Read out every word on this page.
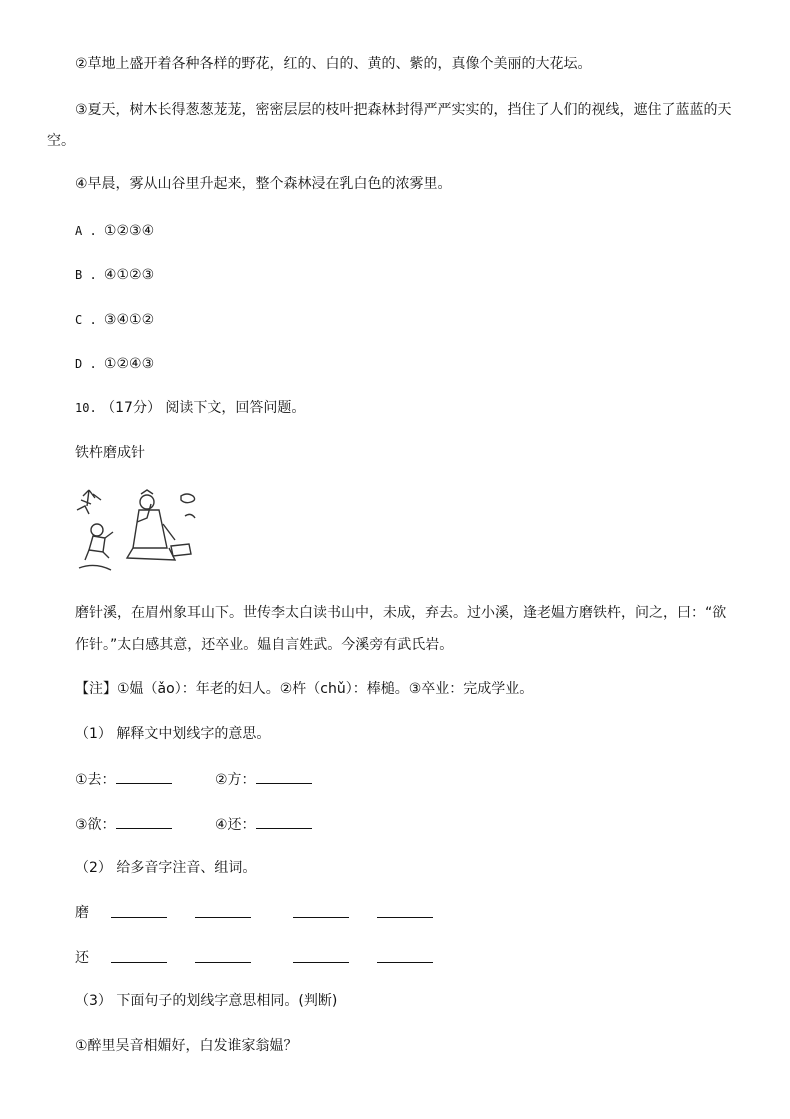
②草地上盛开着各种各样的野花，红的、白的、黄的、紫的，真像个美丽的大花坛。
③夏天，树木长得葱葱茏茏，密密层层的枝叶把森林封得严严实实的，挡住了人们的视线，遮住了蓝蓝的天
空。
④早晨，雾从山谷里升起来，整个森林浸在乳白色的浓雾里。
A . ①②③④
B . ④①②③
C . ③④①②
D . ①②④③
10. （17分） 阅读下文，回答问题。
铁杵磨成针
磨针溪，在眉州象耳山下。世传李太白读书山中，未成，弃去。过小溪，逢老媪方磨铁杵，问之，曰：“欲
作针。”太白感其意，还卒业。媪自言姓武。今溪旁有武氏岩。
【注】①媪（ǎo）：年老的妇人。②杵（chǔ）：棒槌。③卒业：完成学业。
（1） 解释文中划线字的意思。
①去：	②方：
③欲：	④还：
（2） 给多音字注音、组词。
磨
还
（3） 下面句子的划线字意思相同。(判断)
①醉里吴音相媚好，白发谁家翁媪？
